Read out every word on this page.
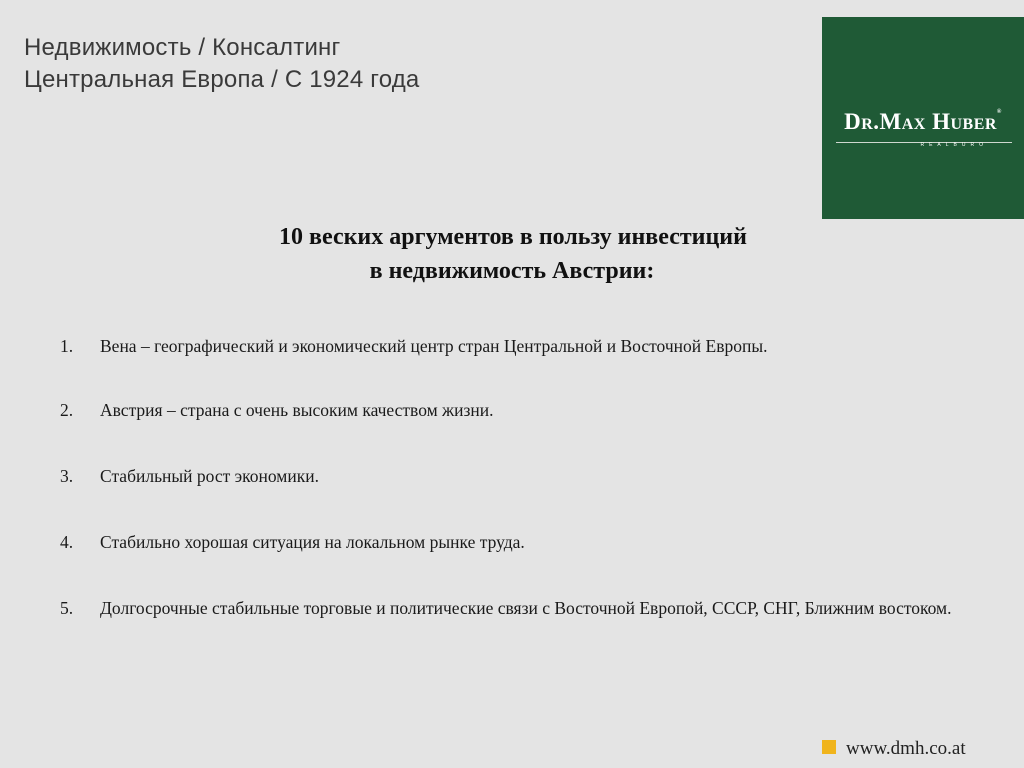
Недвижимость / Консалтинг
Центральная Европа / С 1924 года
Dr.Max Huber®
REALBURO
10 веских аргументов в пользу инвестиций
в недвижимость Австрии:
1. Вена – географический и экономический центр стран Центральной и Восточной Европы.
2. Австрия – страна с очень высоким качеством жизни.
3. Стабильный рост экономики.
4. Стабильно хорошая ситуация на локальном рынке труда.
5. Долгосрочные стабильные торговые и политические связи с Восточной Европой, СССР, СНГ, Ближним востоком.
www.dmh.co.at
